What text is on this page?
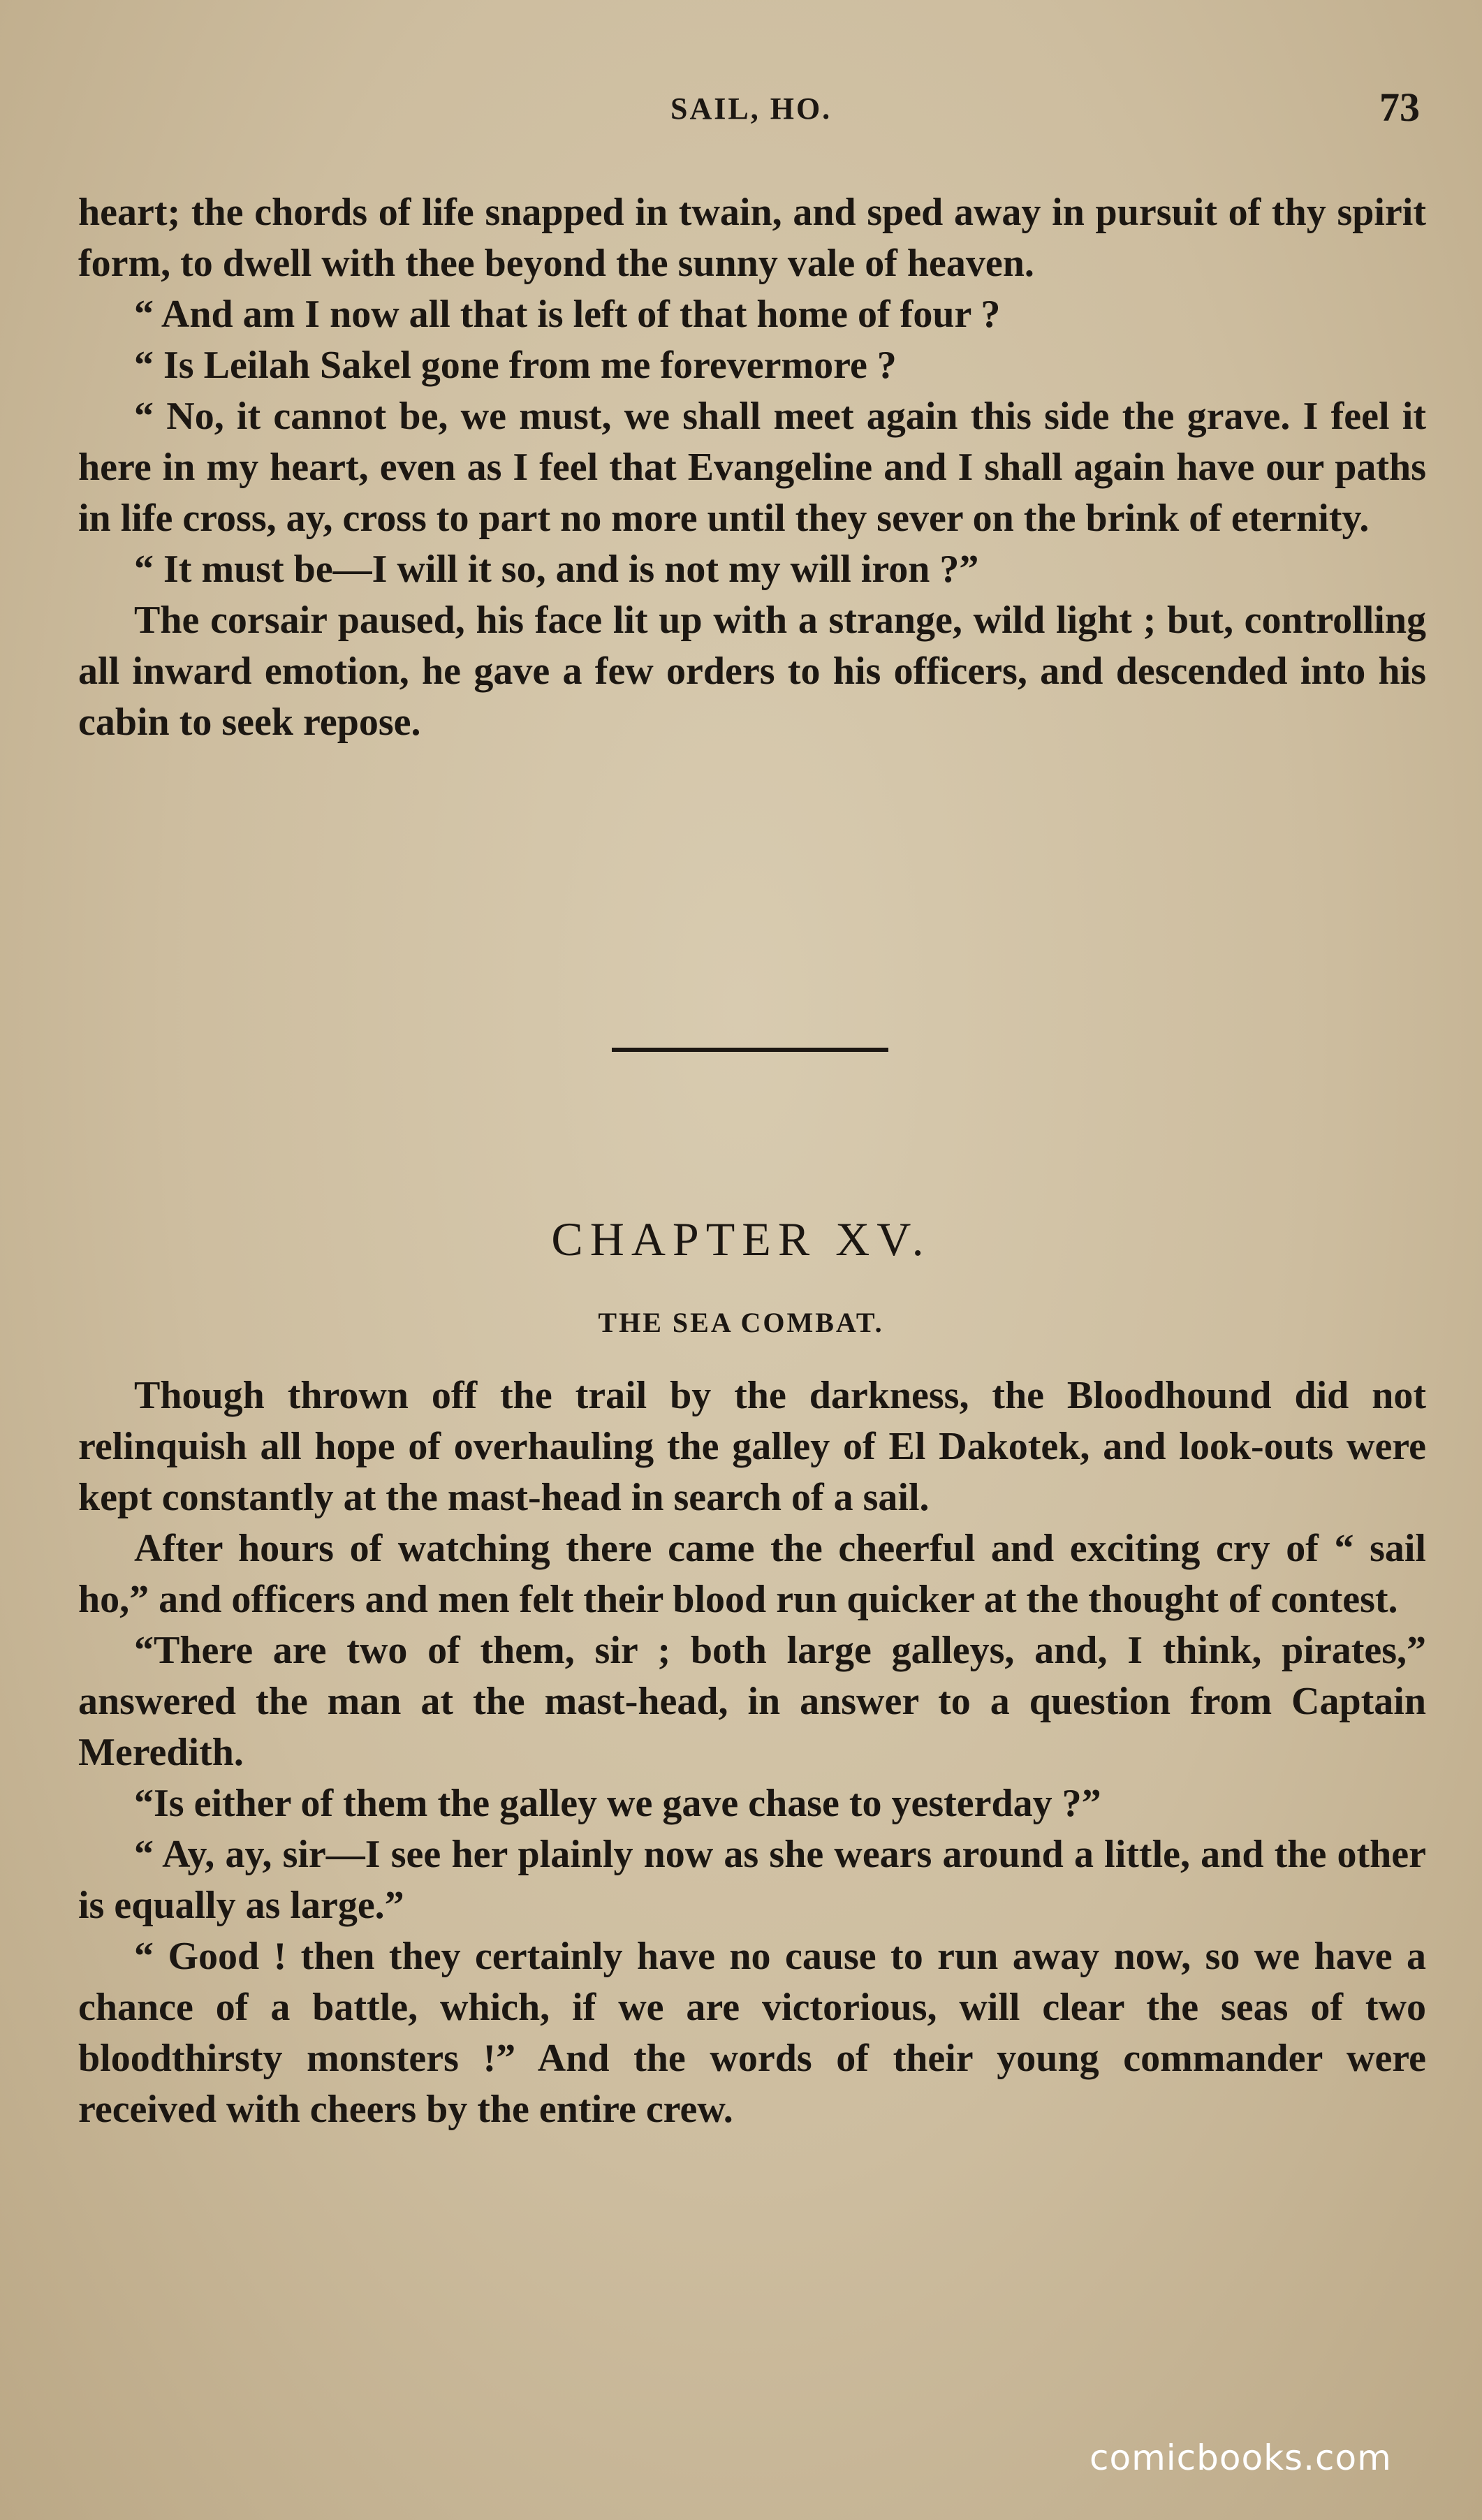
SAIL, HO.	73

heart; the chords of life snapped in twain, and sped away in pursuit of thy spirit form, to dwell with thee beyond the sunny vale of heaven.

“ And am I now all that is left of that home of four ?

“ Is Leilah Sakel gone from me forevermore ?

“ No, it cannot be, we must, we shall meet again this side the grave. I feel it here in my heart, even as I feel that Evangeline and I shall again have our paths in life cross, ay, cross to part no more until they sever on the brink of eternity.

“ It must be—I will it so, and is not my will iron ?”

The corsair paused, his face lit up with a strange, wild light ; but, controlling all inward emotion, he gave a few orders to his officers, and descended into his cabin to seek repose.

CHAPTER XV.
THE SEA COMBAT.

Though thrown off the trail by the darkness, the Bloodhound did not relinquish all hope of overhauling the galley of El Dakotek, and look-outs were kept constantly at the mast-head in search of a sail.

After hours of watching there came the cheerful and exciting cry of “ sail ho,” and officers and men felt their blood run quicker at the thought of contest.

“There are two of them, sir ; both large galleys, and, I think, pirates,” answered the man at the mast-head, in answer to a question from Captain Meredith.

“Is either of them the galley we gave chase to yesterday ?”

“ Ay, ay, sir—I see her plainly now as she wears around a little, and the other is equally as large.”

“ Good ! then they certainly have no cause to run away now, so we have a chance of a battle, which, if we are victorious, will clear the seas of two bloodthirsty monsters !” And the words of their young commander were received with cheers by the entire crew.

comicbooks.com
